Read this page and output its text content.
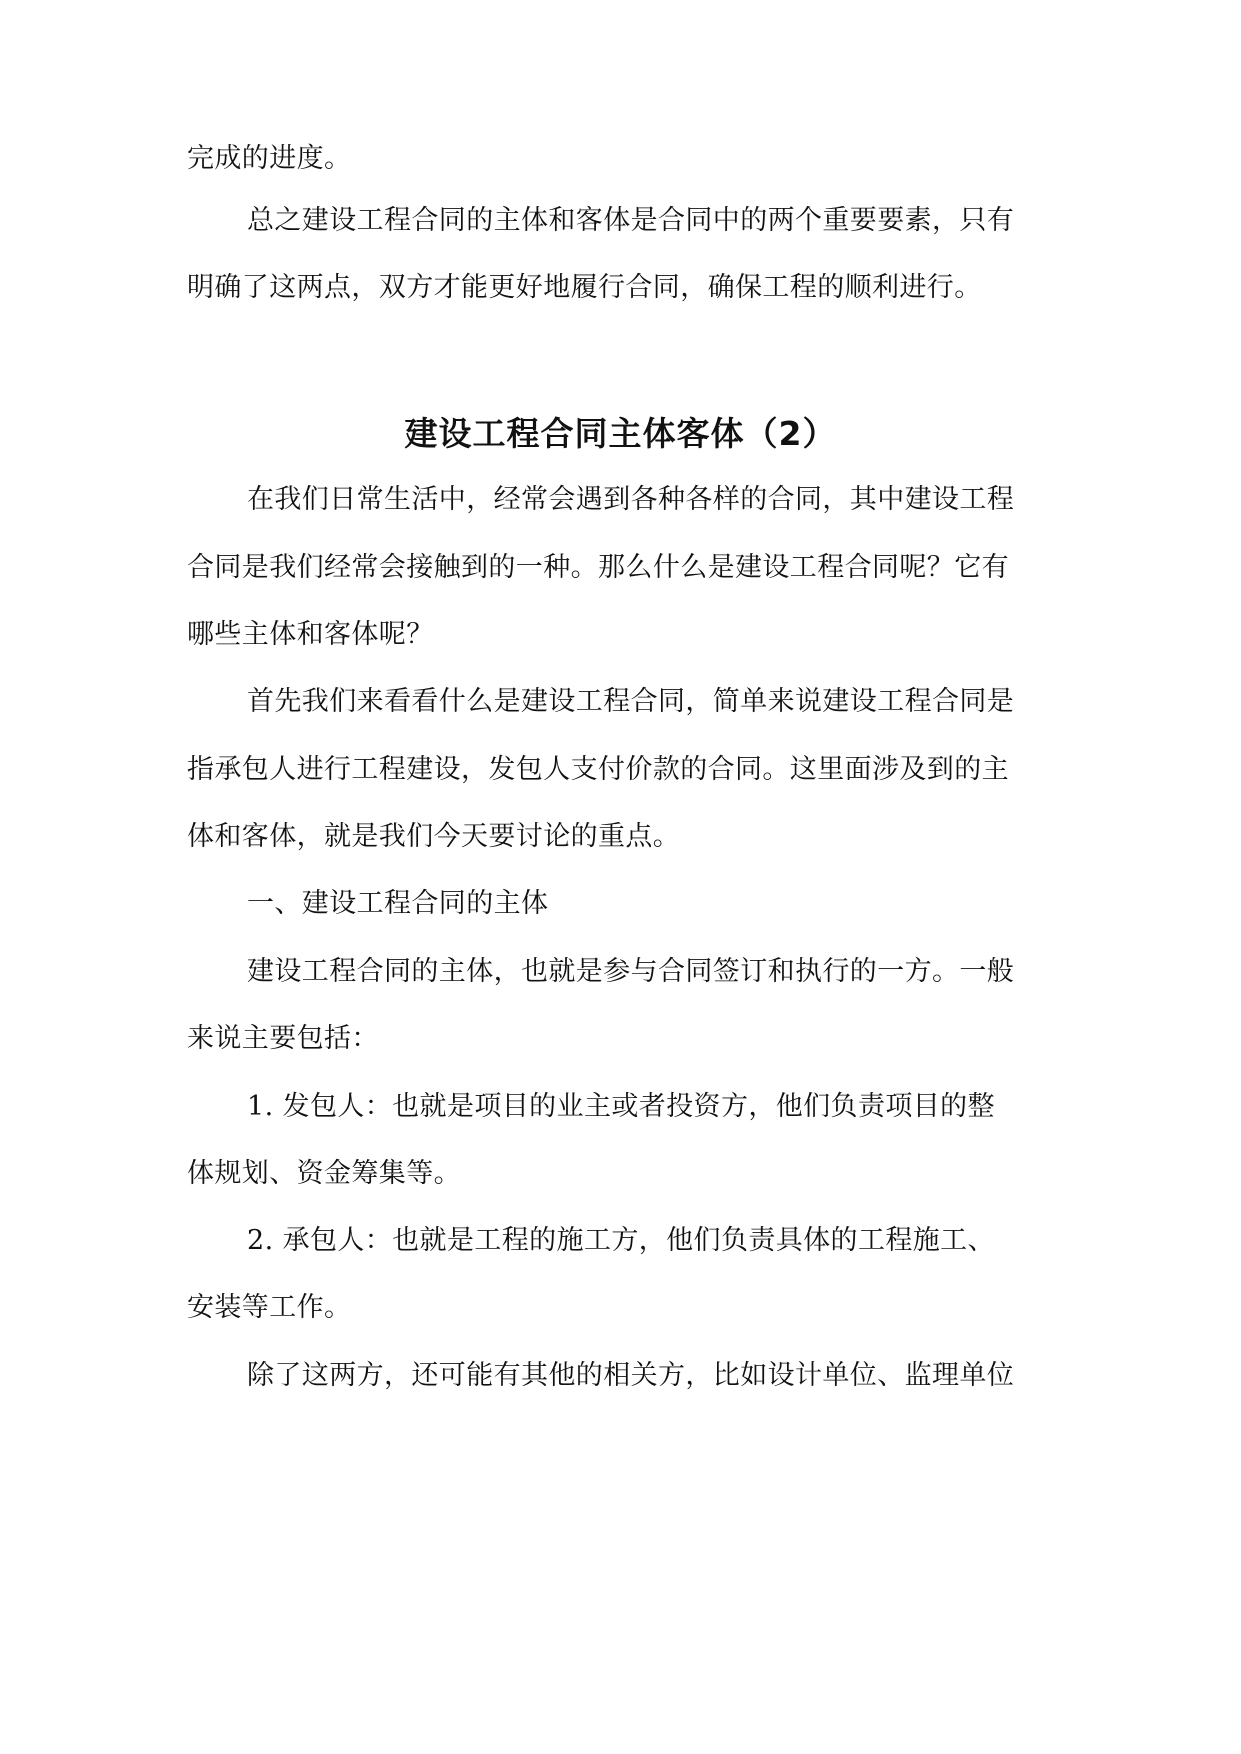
完成的进度。
总之建设工程合同的主体和客体是合同中的两个重要要素，只有
明确了这两点，双方才能更好地履行合同，确保工程的顺利进行。
建设工程合同主体客体（2）
在我们日常生活中，经常会遇到各种各样的合同，其中建设工程
合同是我们经常会接触到的一种。那么什么是建设工程合同呢？它有
哪些主体和客体呢？
首先我们来看看什么是建设工程合同，简单来说建设工程合同是
指承包人进行工程建设，发包人支付价款的合同。这里面涉及到的主
体和客体，就是我们今天要讨论的重点。
一、建设工程合同的主体
建设工程合同的主体，也就是参与合同签订和执行的一方。一般
来说主要包括：
1. 发包人：也就是项目的业主或者投资方，他们负责项目的整
体规划、资金筹集等。
2. 承包人：也就是工程的施工方，他们负责具体的工程施工、
安装等工作。
除了这两方，还可能有其他的相关方，比如设计单位、监理单位
